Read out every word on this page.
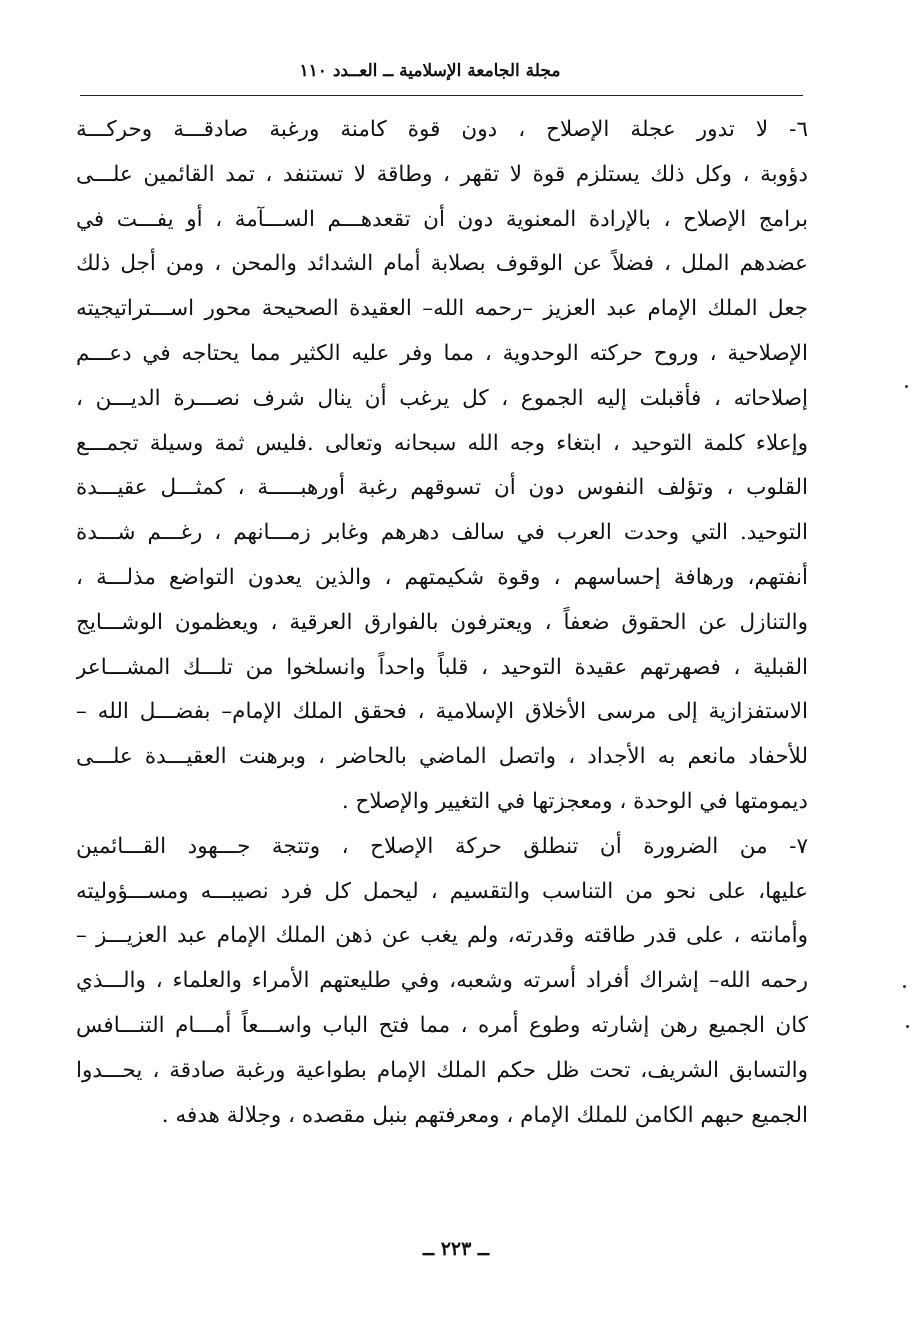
مجلة الجامعة الإسلامية ــ العــدد ١١٠

٦- لا تدور عجلة الإصلاح ، دون قوة كامنة ورغبة صادقـــة وحركـــة
دؤوبة ، وكل ذلك يستلزم قوة لا تقهر ، وطاقة لا تستنفد ، تمد القائمين علـــى
برامج الإصلاح ، بالإرادة المعنوية دون أن تقعدهـــم الســـآمة ، أو يفـــت في
عضدهم الملل ، فضلاً عن الوقوف بصلابة أمام الشدائد والمحن ، ومن أجل ذلك
جعل الملك الإمام عبد العزيز –رحمه الله– العقيدة الصحيحة محور اســـتراتيجيته
الإصلاحية ، وروح حركته الوحدوية ، مما وفر عليه الكثير مما يحتاجه في دعـــم
إصلاحاته ، فأقبلت إليه الجموع ، كل يرغب أن ينال شرف نصـــرة الديـــن ،
وإعلاء كلمة التوحيد ، ابتغاء وجه الله سبحانه وتعالى .فليس ثمة وسيلة تجمـــع
القلوب ، وتؤلف النفوس دون أن تسوقهم رغبة أورهبـــــة ، كمثـــل عقيـــدة
التوحيد. التي وحدت العرب في سالف دهرهم وغابر زمـــانهم ، رغـــم شـــدة
أنفتهم، ورهافة إحساسهم ، وقوة شكيمتهم ، والذين يعدون التواضع مذلـــة ،
والتنازل عن الحقوق ضعفاً ، ويعترفون بالفوارق العرقية ، ويعظمون الوشـــايج
القبلية ، فصهرتهم عقيدة التوحيد ، قلباً واحداً وانسلخوا من تلـــك المشـــاعر
الاستفزازية إلى مرسى الأخلاق الإسلامية ، فحقق الملك الإمام– بفضـــل الله –
للأحفاد مانعم به الأجداد ، واتصل الماضي بالحاضر ، وبرهنت العقيـــدة علـــى
ديمومتها في الوحدة ، ومعجزتها في التغيير والإصلاح .

٧- من الضرورة أن تنطلق حركة الإصلاح ، وتتجة جـــهود القـــائمين
عليها، على نحو من التناسب والتقسيم ، ليحمل كل فرد نصيبـــه ومســـؤوليته
وأمانته ، على قدر طاقته وقدرته، ولم يغب عن ذهن الملك الإمام عبد العزيـــز –
رحمه الله– إشراك أفراد أسرته وشعبه، وفي طليعتهم الأمراء والعلماء ، والـــذي
كان الجميع رهن إشارته وطوع أمره ، مما فتح الباب واســـعاً أمـــام التنـــافس
والتسابق الشريف، تحت ظل حكم الملك الإمام بطواعية ورغبة صادقة ، يحـــدوا
الجميع حبهم الكامن للملك الإمام ، ومعرفتهم بنبل مقصده ، وجلالة هدفه .

ــ ٢٢٣ ــ
